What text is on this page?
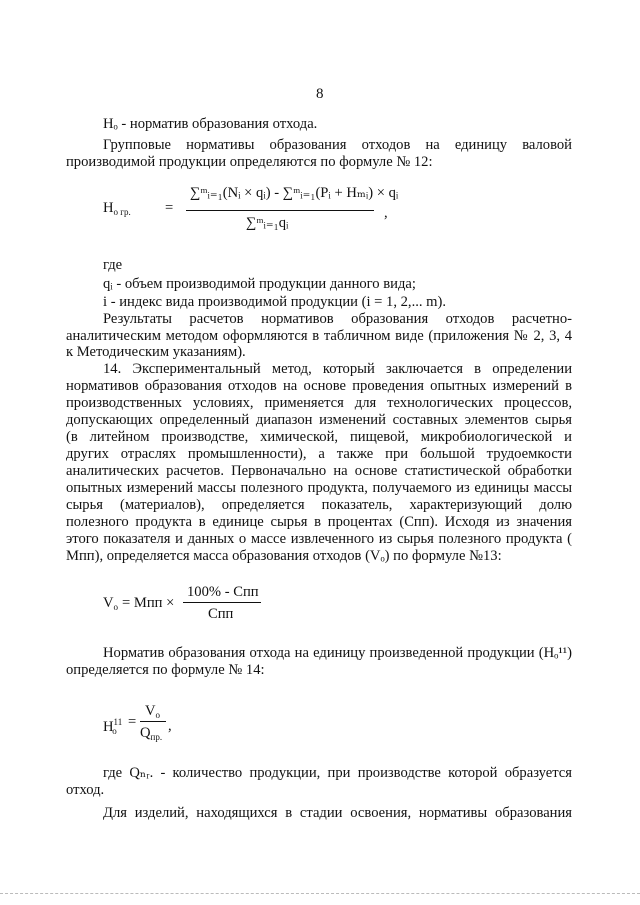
8
Hₒ - норматив образования отхода.
Групповые нормативы образования отходов на единицу валовой
производимой продукции определяются по формуле № 12:
$H_{о гр.}$ =
∑ᵐᵢ₌₁(Nᵢ × qᵢ) - ∑ᵐᵢ₌₁(Pᵢ + Hₘᵢ) × qᵢ
∑ᵐᵢ₌₁qᵢ
,
где
qᵢ - объем производимой продукции данного вида;
i - индекс вида производимой продукции (i = 1, 2,... m).
Результаты расчетов нормативов образования отходов расчетно-
аналитическим методом оформляются в табличном виде (приложения № 2, 3, 4
к Методическим указаниям).
14. Экспериментальный метод, который заключается в определении
нормативов образования отходов на основе проведения опытных измерений в
производственных условиях, применяется для технологических процессов,
допускающих определенный диапазон изменений составных элементов сырья
(в литейном производстве, химической, пищевой, микробиологической и
других отраслях промышленности), а также при большой трудоемкости
аналитических расчетов. Первоначально на основе статистической обработки
опытных измерений массы полезного продукта, получаемого из единицы массы
сырья (материалов), определяется показатель, характеризующий долю
полезного продукта в единице сырья в процентах (Cпп). Исходя из значения
этого показателя и данных о массе извлеченного из сырья полезного продукта (
Mпп), определяется масса образования отходов (Vₒ) по формуле №13:
$V_о$ = Mпп ×
100% - Cпп
Cпп
Норматив образования отхода на единицу произведенной продукции (Hₒ¹¹)
определяется по формуле № 14:
$H^{11}_о$
=
$V_о$
$Q_{пр.}$
,
где Qₙᵣ. - количество продукции, при производстве которой образуется
отход.
Для изделий, находящихся в стадии освоения, нормативы образования
